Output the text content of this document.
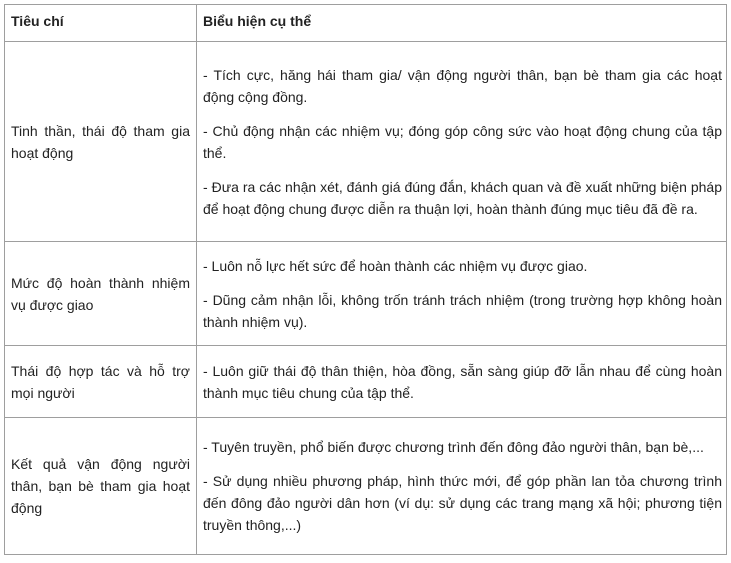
Tiêu chí	Biểu hiện cụ thể
Tinh thần, thái độ tham gia hoạt động	- Tích cực, hăng hái tham gia/ vận động người thân, bạn bè tham gia các hoạt động cộng đồng.

- Chủ động nhận các nhiệm vụ; đóng góp công sức vào hoạt động chung của tập thể.

- Đưa ra các nhận xét, đánh giá đúng đắn, khách quan và đề xuất những biện pháp để hoạt động chung được diễn ra thuận lợi, hoàn thành đúng mục tiêu đã đề ra.

Mức độ hoàn thành nhiệm vụ được giao	- Luôn nỗ lực hết sức để hoàn thành các nhiệm vụ được giao.

- Dũng cảm nhận lỗi, không trốn tránh trách nhiệm (trong trường hợp không hoàn thành nhiệm vụ).

Thái độ hợp tác và hỗ trợ mọi người	- Luôn giữ thái độ thân thiện, hòa đồng, sẵn sàng giúp đỡ lẫn nhau để cùng hoàn thành mục tiêu chung của tập thể.

Kết quả vận động người thân, bạn bè tham gia hoạt động	- Tuyên truyền, phổ biến được chương trình đến đông đảo người thân, bạn bè,...

- Sử dụng nhiều phương pháp, hình thức mới, để góp phần lan tỏa chương trình đến đông đảo người dân hơn (ví dụ: sử dụng các trang mạng xã hội; phương tiện truyền thông,...)
